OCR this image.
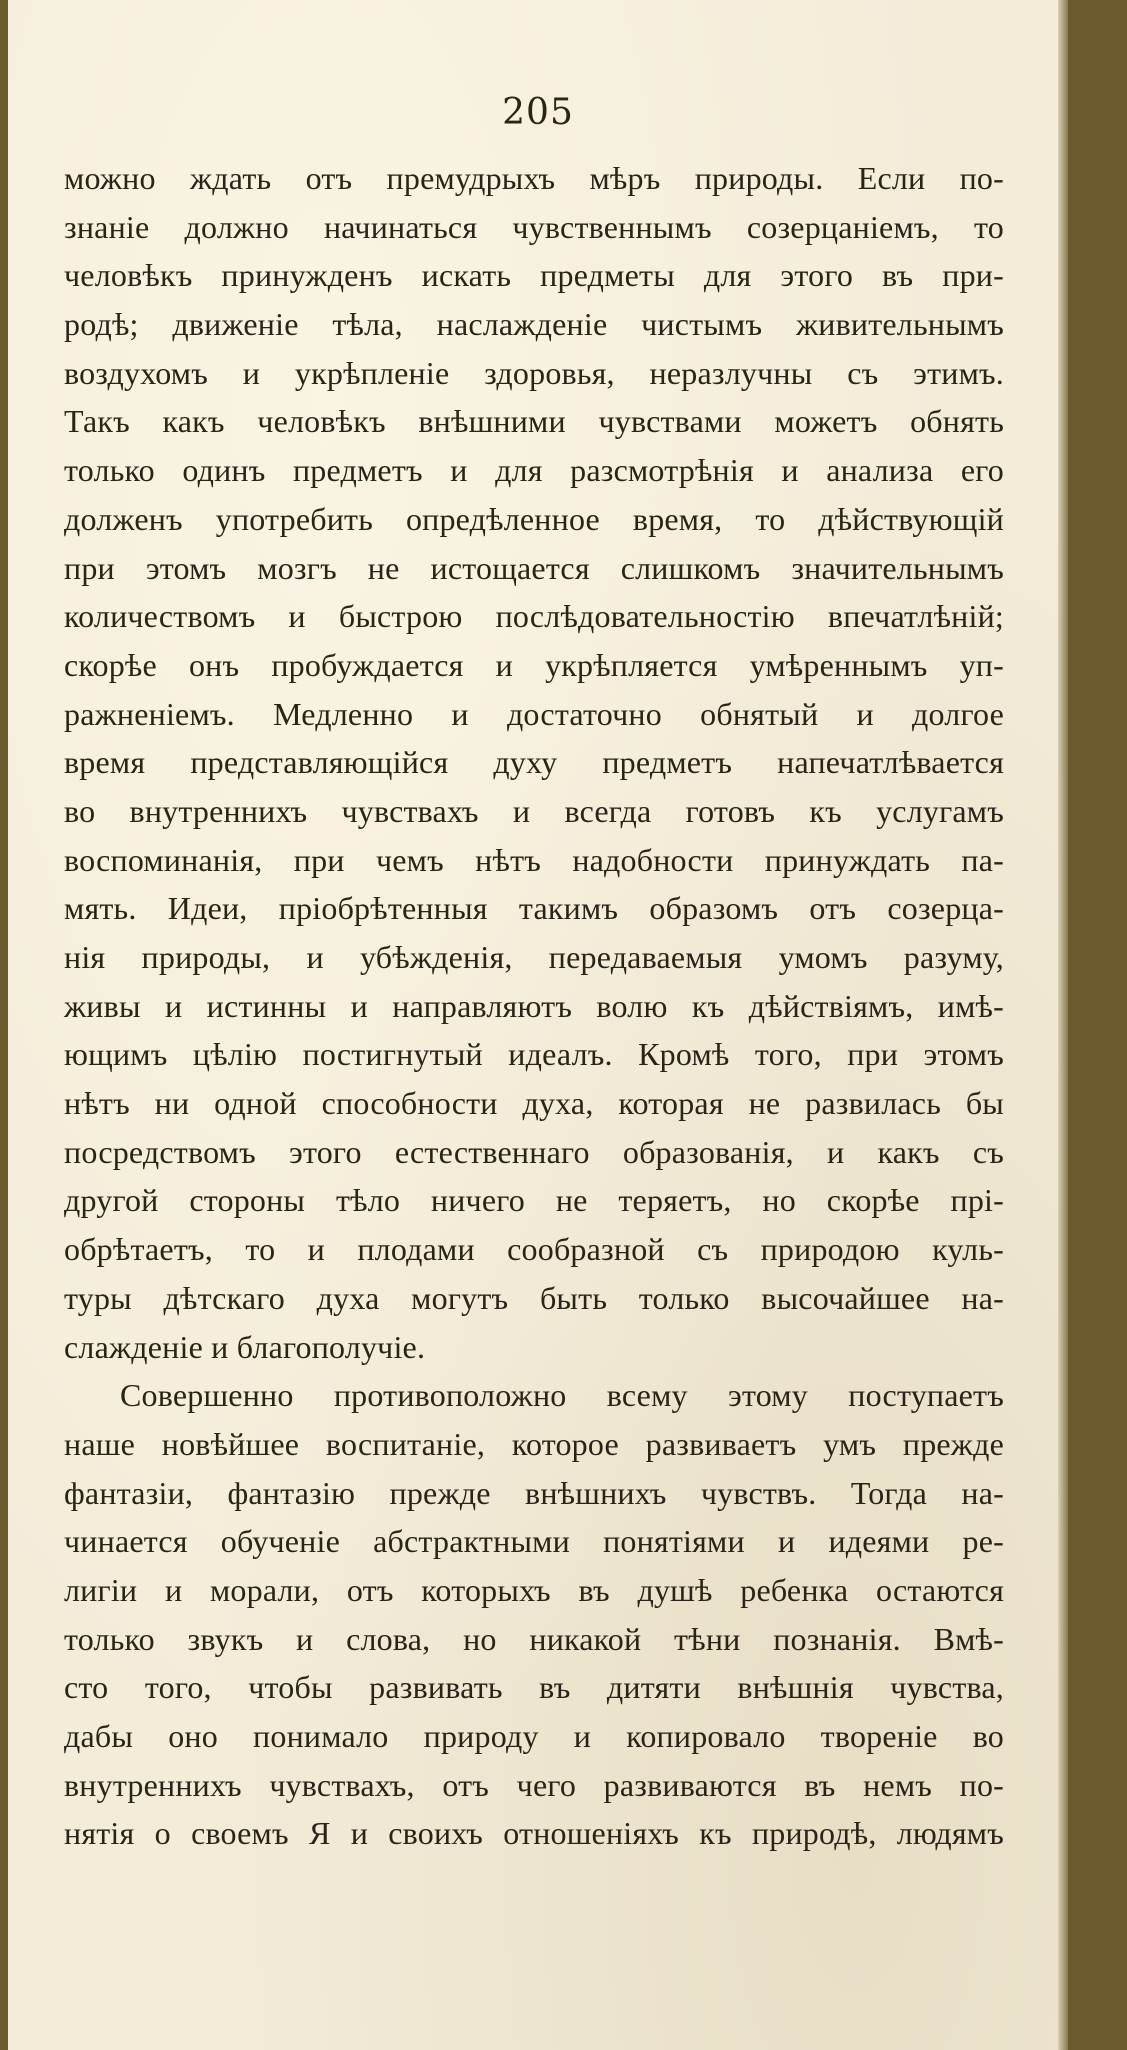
205
можно ждать отъ премудрыхъ мѣръ природы. Если по-
знаніе должно начинаться чувственнымъ созерцаніемъ, то
человѣкъ принужденъ искать предметы для этого въ при-
родѣ; движеніе тѣла, наслажденіе чистымъ живительнымъ
воздухомъ и укрѣпленіе здоровья, неразлучны съ этимъ.
Такъ какъ человѣкъ внѣшними чувствами можетъ обнять
только одинъ предметъ и для разсмотрѣнія и анализа его
долженъ употребить опредѣленное время, то дѣйствующій
при этомъ мозгъ не истощается слишкомъ значительнымъ
количествомъ и быстрою послѣдовательностію впечатлѣній;
скорѣе онъ пробуждается и укрѣпляется умѣреннымъ уп-
ражненіемъ. Медленно и достаточно обнятый и долгое
время представляющійся духу предметъ напечатлѣвается
во внутреннихъ чувствахъ и всегда готовъ къ услугамъ
воспоминанія, при чемъ нѣтъ надобности принуждать па-
мять. Идеи, пріобрѣтенныя такимъ образомъ отъ созерца-
нія природы, и убѣжденія, передаваемыя умомъ разуму,
живы и истинны и направляютъ волю къ дѣйствіямъ, имѣ-
ющимъ цѣлію постигнутый идеалъ. Кромѣ того, при этомъ
нѣтъ ни одной способности духа, которая не развилась бы
посредствомъ этого естественнаго образованія, и какъ съ
другой стороны тѣло ничего не теряетъ, но скорѣе прі-
обрѣтаетъ, то и плодами сообразной съ природою куль-
туры дѣтскаго духа могутъ быть только высочайшее на-
слажденіе и благополучіе.
Совершенно противоположно всему этому поступаетъ
наше новѣйшее воспитаніе, которое развиваетъ умъ прежде
фантазіи, фантазію прежде внѣшнихъ чувствъ. Тогда на-
чинается обученіе абстрактными понятіями и идеями ре-
лигіи и морали, отъ которыхъ въ душѣ ребенка остаются
только звукъ и слова, но никакой тѣни познанія. Вмѣ-
сто того, чтобы развивать въ дитяти внѣшнія чувства,
дабы оно понимало природу и копировало твореніе во
внутреннихъ чувствахъ, отъ чего развиваются въ немъ по-
нятія о своемъ Я и своихъ отношеніяхъ къ природѣ, людямъ
